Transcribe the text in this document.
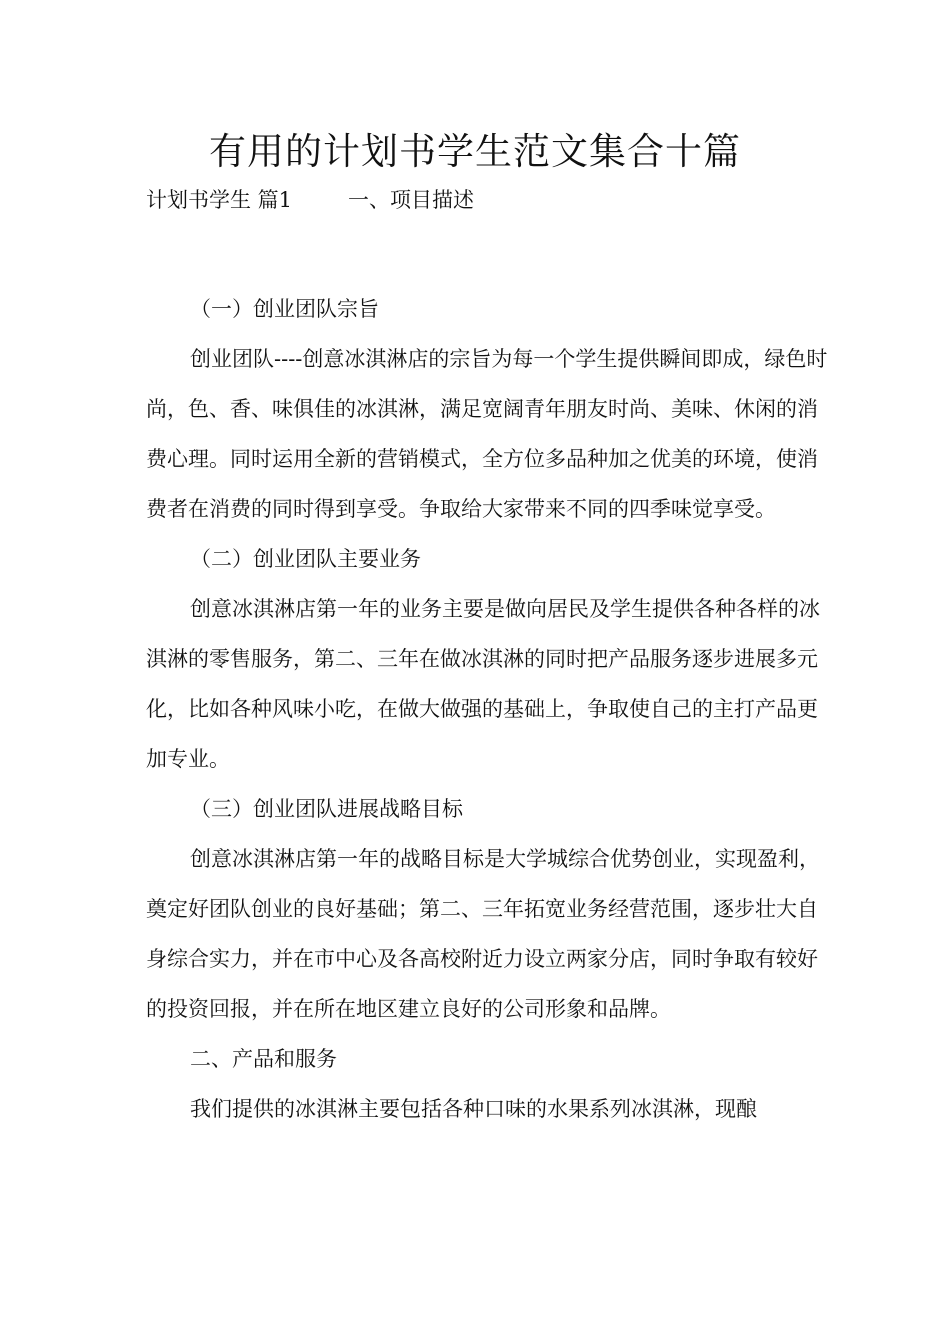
有用的计划书学生范文集合十篇
计划书学生 篇1	一、项目描述

（一）创业团队宗旨

创业团队----创意冰淇淋店的宗旨为每一个学生提供瞬间即成，绿色时尚，色、香、味俱佳的冰淇淋，满足宽阔青年朋友时尚、美味、休闲的消费心理。同时运用全新的营销模式，全方位多品种加之优美的环境，使消费者在消费的同时得到享受。争取给大家带来不同的四季味觉享受。

（二）创业团队主要业务

创意冰淇淋店第一年的业务主要是做向居民及学生提供各种各样的冰淇淋的零售服务，第二、三年在做冰淇淋的同时把产品服务逐步进展多元化，比如各种风味小吃，在做大做强的基础上，争取使自己的主打产品更加专业。

（三）创业团队进展战略目标

创意冰淇淋店第一年的战略目标是大学城综合优势创业，实现盈利，奠定好团队创业的良好基础；第二、三年拓宽业务经营范围，逐步壮大自身综合实力，并在市中心及各高校附近力设立两家分店，同时争取有较好的投资回报，并在所在地区建立良好的公司形象和品牌。

二、产品和服务

我们提供的冰淇淋主要包括各种口味的水果系列冰淇淋，现酿
